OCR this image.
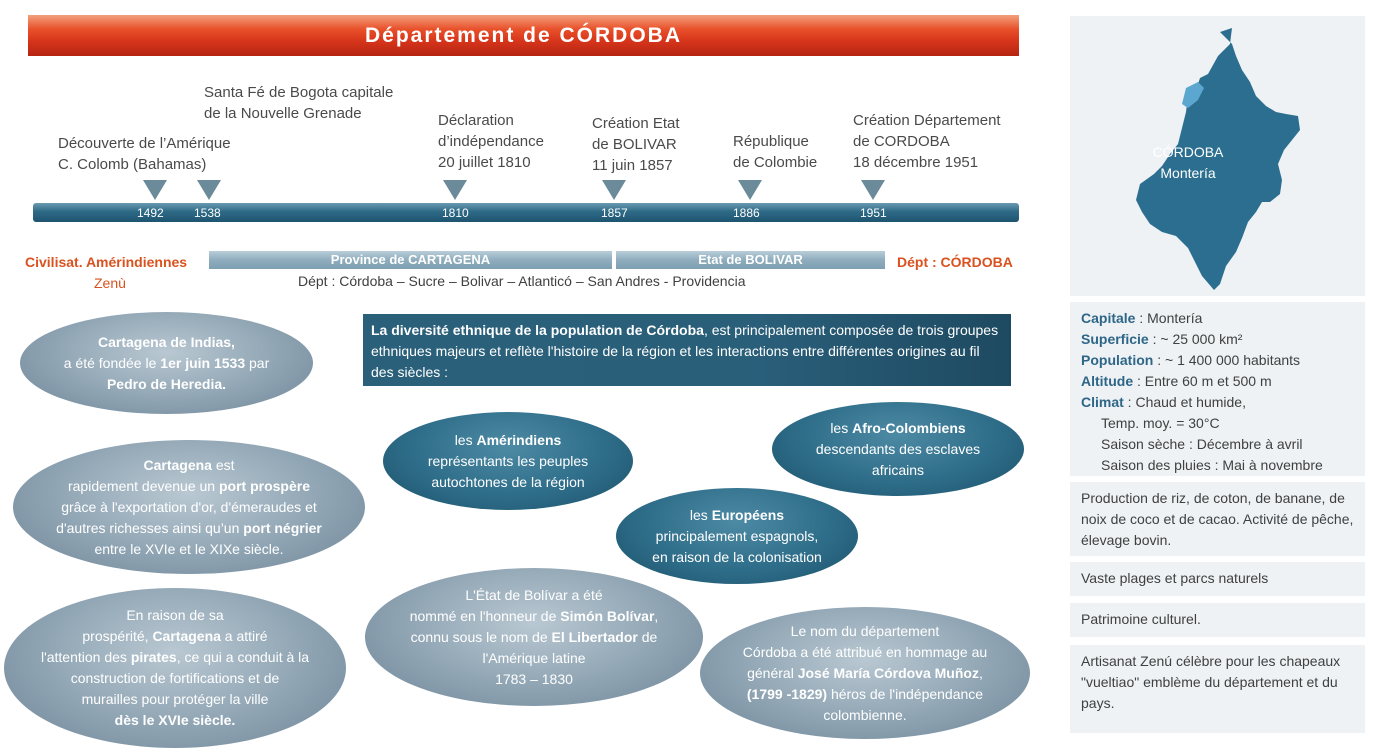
Département de CÓRDOBA
Découverte de l’Amérique
C. Colomb (Bahamas)
Santa Fé de Bogota capitale
de la Nouvelle Grenade	Déclaration
d’indépendance
20 juillet 1810
Création Etat
de BOLIVAR
11 juin 1857
République
de Colombie
Création Département
de CORDOBA
18 décembre 1951
1492	1538	1810	1857	1886	1951
Civilisat. Amérindiennes
Zenù
Province de CARTAGENA	Etat de BOLIVAR	Dépt : CÓRDOBA
Dépt : Córdoba – Sucre – Bolivar – Atlanticó – San Andres - Providencia
La diversité ethnique de la population de Córdoba, est principalement composée de trois groupes ethniques majeurs et reflète l'histoire de la région et les interactions entre différentes origines au fil des siècles :
Cartagena de Indias,
a été fondée le 1er juin 1533 par
Pedro de Heredia.
Cartagena est
rapidement devenue un port prospère
grâce à l'exportation d'or, d'émeraudes et
d'autres richesses ainsi qu’un port négrier
entre le XVIe et le XIXe siècle.
En raison de sa
prospérité, Cartagena a attiré
l'attention des pirates, ce qui a conduit à la
construction de fortifications et de
murailles pour protéger la ville
dès le XVIe siècle.
les Amérindiens
représentants les peuples
autochtones de la région
les Afro-Colombiens
descendants des esclaves
africains
les Européens
principalement espagnols,
en raison de la colonisation
L'État de Bolívar a été
nommé en l'honneur de Simón Bolívar,
connu sous le nom de El Libertador de
l'Amérique latine
1783 – 1830
Le nom du département
Córdoba a été attribué en hommage au
général José María Córdova Muñoz,
(1799 -1829) héros de l'indépendance
colombienne.
CÓRDOBA
Montería
Capitale : Montería
Superficie : ~ 25 000 km²
Population : ~ 1 400 000 habitants
Altitude : Entre 60 m et 500 m
Climat : Chaud et humide,
Temp. moy. = 30°C
Saison sèche : Décembre à avril
Saison des pluies : Mai à novembre
Production de riz, de coton, de banane, de noix de coco et de cacao. Activité de pêche, élevage bovin.
Vaste plages et parcs naturels
Patrimoine culturel.
Artisanat Zenú célèbre pour les chapeaux "vueltiao" emblème du département et du pays.
